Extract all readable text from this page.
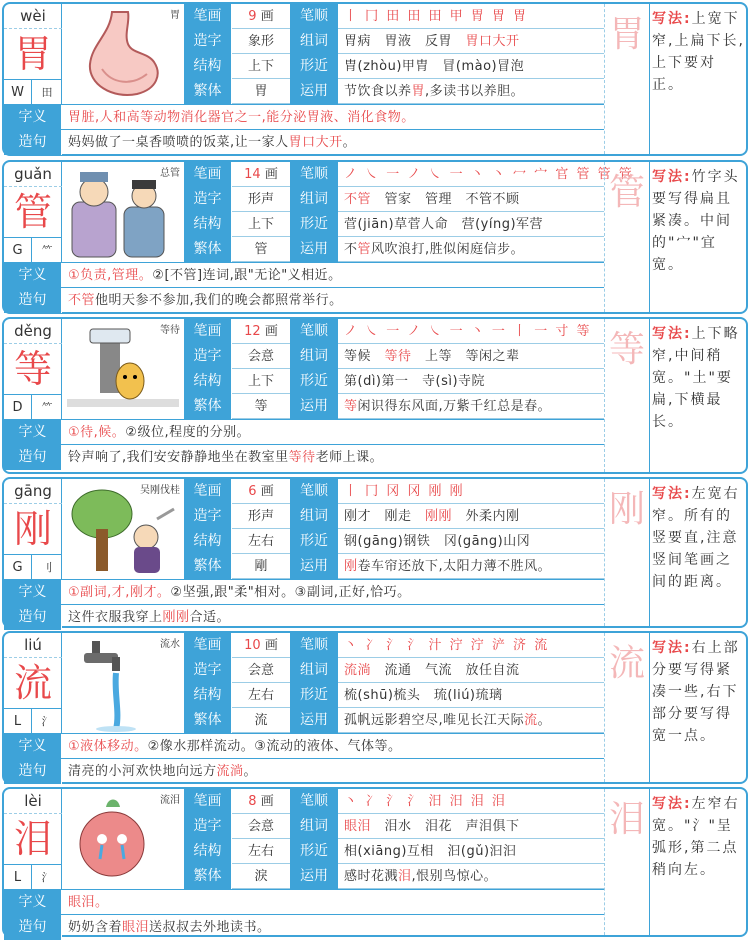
wèi
胃
W	田
胃 笔画	9 画	笔顺	丨 冂 田 田 田 甲 胃 胃 胃
造字	象形	组词	胃病　胃液　反胃　胃口大开
结构	上下	形近	胄(zhòu)甲胄　冒(mào)冒泡
繁体	胃	运用	节饮食以养胃,多读书以养胆。
字义	胃脏,人和高等动物消化器官之一,能分泌胃液、消化食物。
造句	妈妈做了一桌香喷喷的饭菜,让一家人胃口大开。
胃 写法:上宽下窄,上扁下长,上下要对正。
guǎn
管
G	⺮
总管 笔画	14 画	笔顺	ノ ㇏ 一 ノ ㇏ 一 丶 丶 冖 宀 官 管 管 管
造字	形声	组词	不管　管家　管理　不管不顾
结构	上下	形近	菅(jiān)草菅人命　营(yíng)军营
繁体	管	运用	不管风吹浪打,胜似闲庭信步。
字义	①负责,管理。②[不管]连词,跟"无论"义相近。
造句	不管他明天参不参加,我们的晚会都照常举行。
管 写法:竹字头要写得扁且紧凑。中间的"宀"宜宽。
děng
等
D	⺮
等待 笔画	12 画	笔顺	ノ ㇏ 一 ノ ㇏ 一 丶 一 丨 一 寸 等
造字	会意	组词	等候　等待　上等　等闲之辈
结构	上下	形近	第(dì)第一　寺(sì)寺院
繁体	等	运用	等闲识得东风面,万紫千红总是春。
字义	①待,候。②级位,程度的分别。
造句	铃声响了,我们安安静静地坐在教室里等待老师上课。
等 写法:上下略窄,中间稍宽。"土"要扁,下横最长。
gāng
刚
G	刂
吴刚伐桂 笔画	6 画	笔顺	丨 冂 冈 冈 刚 刚
造字	形声	组词	刚才　刚走　刚刚　外柔内刚
结构	左右	形近	钢(gāng)钢铁　冈(gāng)山冈
繁体	剛	运用	刚卷车帘还放下,太阳力薄不胜风。
字义	①副词,才,刚才。②坚强,跟"柔"相对。③副词,正好,恰巧。
造句	这件衣服我穿上刚刚合适。
刚 写法:左宽右窄。所有的竖要直,注意竖间笔画之间的距离。
liú
流
L	氵
流水 笔画	10 画	笔顺	丶 冫 氵 氵 汁 泞 泞 浐 济 流
造字	会意	组词	流淌　流通　气流　放任自流
结构	左右	形近	梳(shū)梳头　琉(liú)琉璃
繁体	流	运用	孤帆远影碧空尽,唯见长江天际流。
字义	①液体移动。②像水那样流动。③流动的液体、气体等。
造句	清亮的小河欢快地向远方流淌。
流 写法:右上部分要写得紧凑一些,右下部分要写得宽一点。
lèi
泪
L	氵
流泪 笔画	8 画	笔顺	丶 冫 氵 氵 汨 汨 泪 泪
造字	会意	组词	眼泪　泪水　泪花　声泪俱下
结构	左右	形近	相(xiāng)互相　汩(gǔ)汩汩
繁体	淚	运用	感时花溅泪,恨别鸟惊心。
字义	眼泪。
造句	奶奶含着眼泪送叔叔去外地读书。
泪 写法:左窄右宽。"氵"呈弧形,第二点稍向左。
